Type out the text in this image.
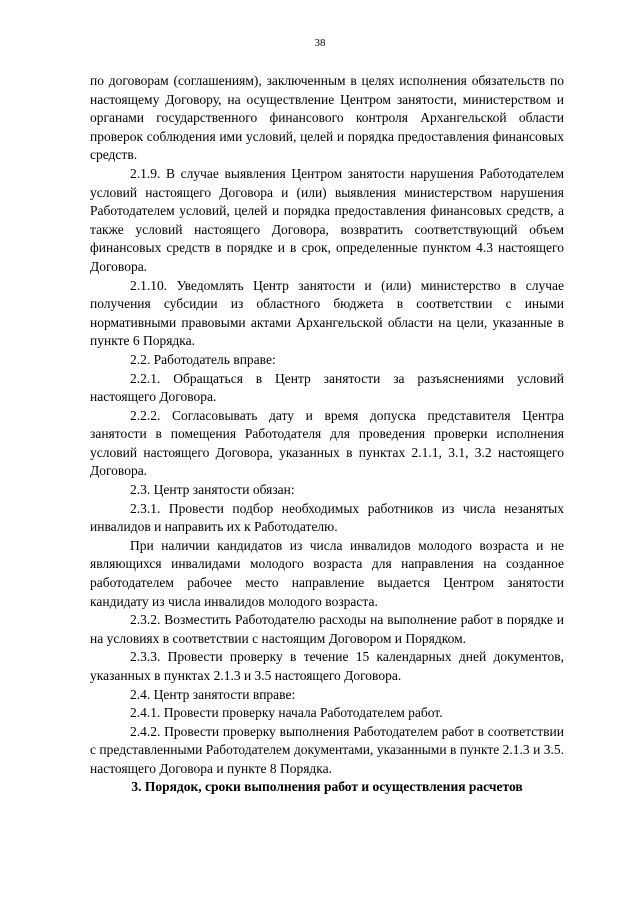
38

по договорам (соглашениям), заключенным в целях исполнения обязательств по настоящему Договору, на осуществление Центром занятости, министерством и органами государственного финансового контроля Архангельской области проверок соблюдения ими условий, целей и порядка предоставления финансовых средств.

2.1.9. В случае выявления Центром занятости нарушения Работодателем условий настоящего Договора и (или) выявления министерством нарушения Работодателем условий, целей и порядка предоставления финансовых средств, а также условий настоящего Договора, возвратить соответствующий объем финансовых средств в порядке и в срок, определенные пунктом 4.3 настоящего Договора.

2.1.10. Уведомлять Центр занятости и (или) министерство в случае получения субсидии из областного бюджета в соответствии с иными нормативными правовыми актами Архангельской области на цели, указанные в пункте 6 Порядка.

2.2. Работодатель вправе:

2.2.1. Обращаться в Центр занятости за разъяснениями условий настоящего Договора.

2.2.2. Согласовывать дату и время допуска представителя Центра занятости в помещения Работодателя для проведения проверки исполнения условий настоящего Договора, указанных в пунктах 2.1.1, 3.1, 3.2 настоящего Договора.

2.3. Центр занятости обязан:

2.3.1. Провести подбор необходимых работников из числа незанятых инвалидов и направить их к Работодателю.

При наличии кандидатов из числа инвалидов молодого возраста и не являющихся инвалидами молодого возраста для направления на созданное работодателем рабочее место направление выдается Центром занятости кандидату из числа инвалидов молодого возраста.

2.3.2. Возместить Работодателю расходы на выполнение работ в порядке и на условиях в соответствии с настоящим Договором и Порядком.

2.3.3. Провести проверку в течение 15 календарных дней документов, указанных в пунктах 2.1.3 и 3.5 настоящего Договора.

2.4. Центр занятости вправе:

2.4.1. Провести проверку начала Работодателем работ.

2.4.2. Провести проверку выполнения Работодателем работ в соответствии с представленными Работодателем документами, указанными в пункте 2.1.3 и 3.5. настоящего Договора и пункте 8 Порядка.

3. Порядок, сроки выполнения работ и осуществления расчетов
